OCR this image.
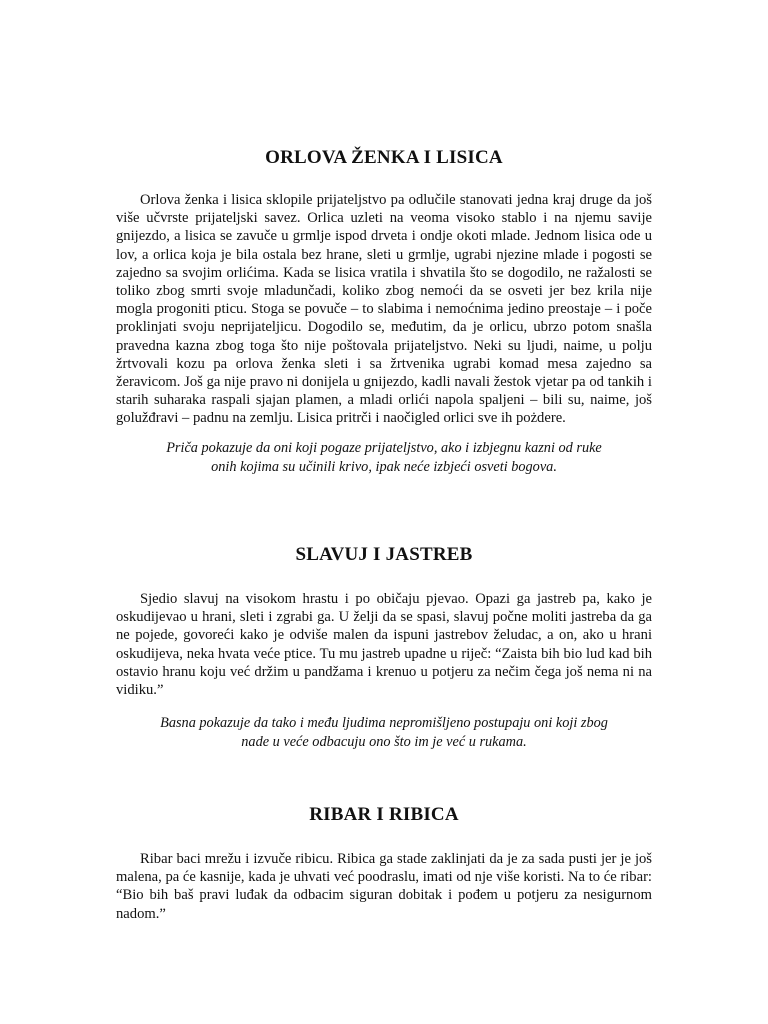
ORLOVA ŽENKA I LISICA

Orlova ženka i lisica sklopile prijateljstvo pa odlučile stanovati jedna kraj druge da još više učvrste prijateljski savez. Orlica uzleti na veoma visoko stablo i na njemu savije gnijezdo, a lisica se zavuče u grmlje ispod drveta i ondje okoti mlade. Jednom lisica ode u lov, a orlica koja je bila ostala bez hrane, sleti u grmlje, ugrabi njezine mlade i pogosti se zajedno sa svojim orlićima. Kada se lisica vratila i shvatila što se dogodilo, ne ražalosti se toliko zbog smrti svoje mladunčadi, koliko zbog nemoći da se osveti jer bez krila nije mogla progoniti pticu. Stoga se povuče – to slabima i nemoćnima jedino preostaje – i poče proklinjati svoju neprijateljicu. Dogodilo se, međutim, da je orlicu, ubrzo potom snašla pravedna kazna zbog toga što nije poštovala prijateljstvo. Neki su ljudi, naime, u polju žrtvovali kozu pa orlova ženka sleti i sa žrtvenika ugrabi komad mesa zajedno sa žeravicom. Još ga nije pravo ni donijela u gnijezdo, kadli navali žestok vjetar pa od tankih i starih suharaka raspali sjajan plamen, a mladi orlići napola spaljeni – bili su, naime, još golužđravi – padnu na zemlju. Lisica pritrči i naočigled orlici sve ih pożdere.

Priča pokazuje da oni koji pogaze prijateljstvo, ako i izbjegnu kazni od ruke onih kojima su učinili krivo, ipak neće izbjeći osveti bogova.

SLAVUJ I JASTREB

Sjedio slavuj na visokom hrastu i po običaju pjevao. Opazi ga jastreb pa, kako je oskudijevao u hrani, sleti i zgrabi ga. U želji da se spasi, slavuj počne moliti jastreba da ga ne pojede, govoreći kako je odviše malen da ispuni jastrebov želudac, a on, ako u hrani oskudijeva, neka hvata veće ptice. Tu mu jastreb upadne u riječ: “Zaista bih bio lud kad bih ostavio hranu koju već držim u pandžama i krenuo u potjeru za nečim čega još nema ni na vidiku.”

Basna pokazuje da tako i među ljudima nepromišljeno postupaju oni koji zbog nade u veće odbacuju ono što im je već u rukama.

RIBAR I RIBICA

Ribar baci mrežu i izvuče ribicu. Ribica ga stade zaklinjati da je za sada pusti jer je još malena, pa će kasnije, kada je uhvati već poodraslu, imati od nje više koristi. Na to će ribar: “Bio bih baš pravi luđak da odbacim siguran dobitak i pođem u potjeru za nesigurnom nadom.”
